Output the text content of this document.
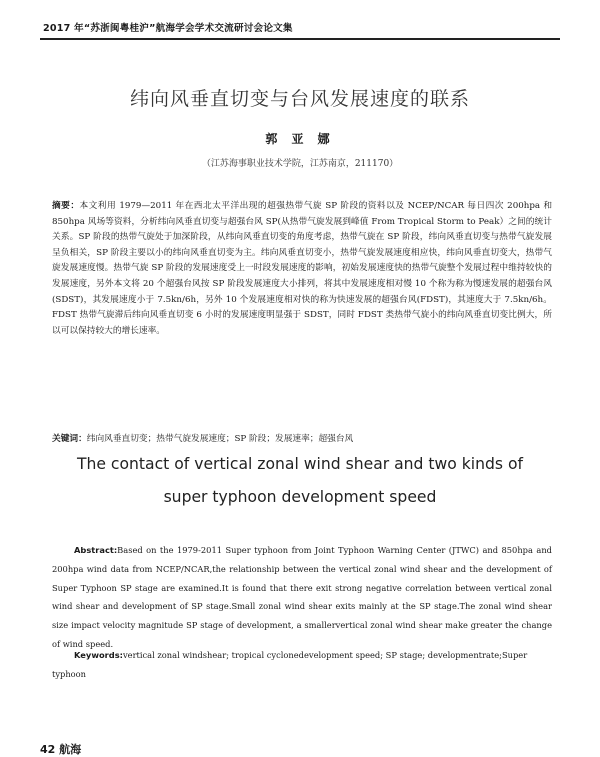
2017 年“苏浙闽粤桂沪”航海学会学术交流研讨会论文集
纬向风垂直切变与台风发展速度的联系
郭 亚 娜
（江苏海事职业技术学院，江苏南京，211170）
摘要：本文利用 1979—2011 年在西北太平洋出现的超强热带气旋 SP 阶段的资料以及 NCEP/NCAR 每日四次 200hpa 和 850hpa 风场等资料，分析纬向风垂直切变与超强台风 SP(从热带气旋发展到峰值 From Tropical Storm to Peak）之间的统计关系。SP 阶段的热带气旋处于加深阶段，从纬向风垂直切变的角度考虑，热带气旋在 SP 阶段，纬向风垂直切变与热带气旋发展呈负相关，SP 阶段主要以小的纬向风垂直切变为主。纬向风垂直切变小，热带气旋发展速度相应快，纬向风垂直切变大，热带气旋发展速度慢。热带气旋 SP 阶段的发展速度受上一时段发展速度的影响，初始发展速度快的热带气旋整个发展过程中维持较快的发展速度，另外本文将 20 个超强台风按 SP 阶段发展速度大小排列，将其中发展速度相对慢 10 个称为称为慢速发展的超强台风(SDST)，其发展速度小于 7.5kn/6h，另外 10 个发展速度相对快的称为快速发展的超强台风(FDST)，其速度大于 7.5kn/6h。FDST 热带气旋滞后纬向风垂直切变 6 小时的发展速度明显强于 SDST，同时 FDST 类热带气旋小的纬向风垂直切变比例大，所以可以保持较大的增长速率。
关键词：纬向风垂直切变；热带气旋发展速度；SP 阶段；发展速率；超强台风
The contact of vertical zonal wind shear and two kinds of super typhoon development speed
Abstract:Based on the 1979-2011 Super typhoon from Joint Typhoon Warning Center (JTWC) and 850hpa and 200hpa wind data from NCEP/NCAR,the relationship between the vertical zonal wind shear and the development of Super Typhoon SP stage are examined.It is found that there exit strong negative correlation between vertical zonal wind shear and development of SP stage.Small zonal wind shear exits mainly at the SP stage.The zonal wind shear size impact velocity magnitude SP stage of development, a smallervertical zonal wind shear make greater the change of wind speed.
Keywords:vertical zonal windshear; tropical cyclonedevelopment speed; SP stage; developmentrate;Super typhoon
42 航海
